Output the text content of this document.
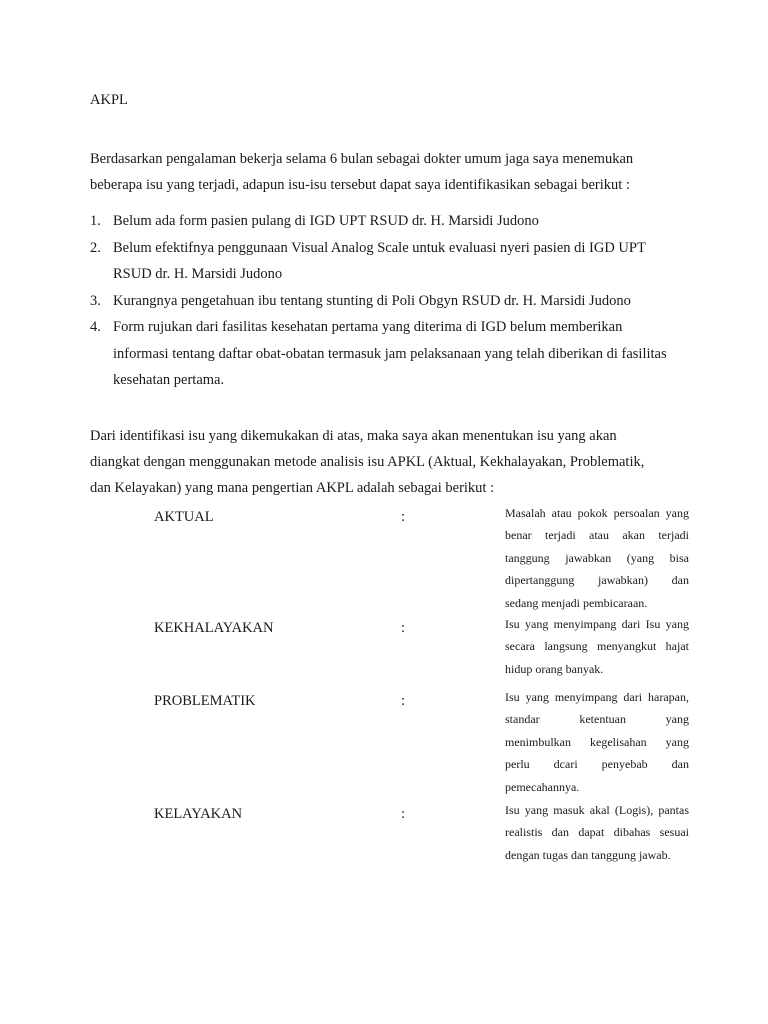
AKPL

Berdasarkan pengalaman bekerja selama 6 bulan sebagai dokter umum jaga saya menemukan
beberapa isu yang terjadi, adapun isu-isu tersebut dapat saya identifikasikan sebagai berikut :

1. Belum ada form pasien pulang di IGD UPT RSUD dr. H. Marsidi Judono
2. Belum efektifnya penggunaan Visual Analog Scale untuk evaluasi nyeri pasien di IGD UPT
RSUD dr. H. Marsidi Judono
3. Kurangnya pengetahuan ibu tentang stunting di Poli Obgyn RSUD dr. H. Marsidi Judono
4. Form rujukan dari fasilitas kesehatan pertama yang diterima di IGD belum memberikan
informasi tentang daftar obat-obatan termasuk jam pelaksanaan yang telah diberikan di fasilitas
kesehatan pertama.

Dari identifikasi isu yang dikemukakan di atas, maka saya akan menentukan isu yang akan
diangkat dengan menggunakan metode analisis isu APKL (Aktual, Kekhalayakan, Problematik,
dan Kelayakan) yang mana pengertian AKPL adalah sebagai berikut :

AKTUAL	:	Masalah atau pokok persoalan yang
benar terjadi atau akan terjadi
tanggung jawabkan (yang bisa
dipertanggung jawabkan) dan
sedang menjadi pembicaraan.
KEKHALAYAKAN	:	Isu yang menyimpang dari Isu yang
secara langsung menyangkut hajat
hidup orang banyak.
PROBLEMATIK	:	Isu yang menyimpang dari harapan,
standar ketentuan yang
menimbulkan kegelisahan yang
perlu dcari penyebab dan
pemecahannya.
KELAYAKAN	:	Isu yang masuk akal (Logis), pantas
realistis dan dapat dibahas sesuai
dengan tugas dan tanggung jawab.
